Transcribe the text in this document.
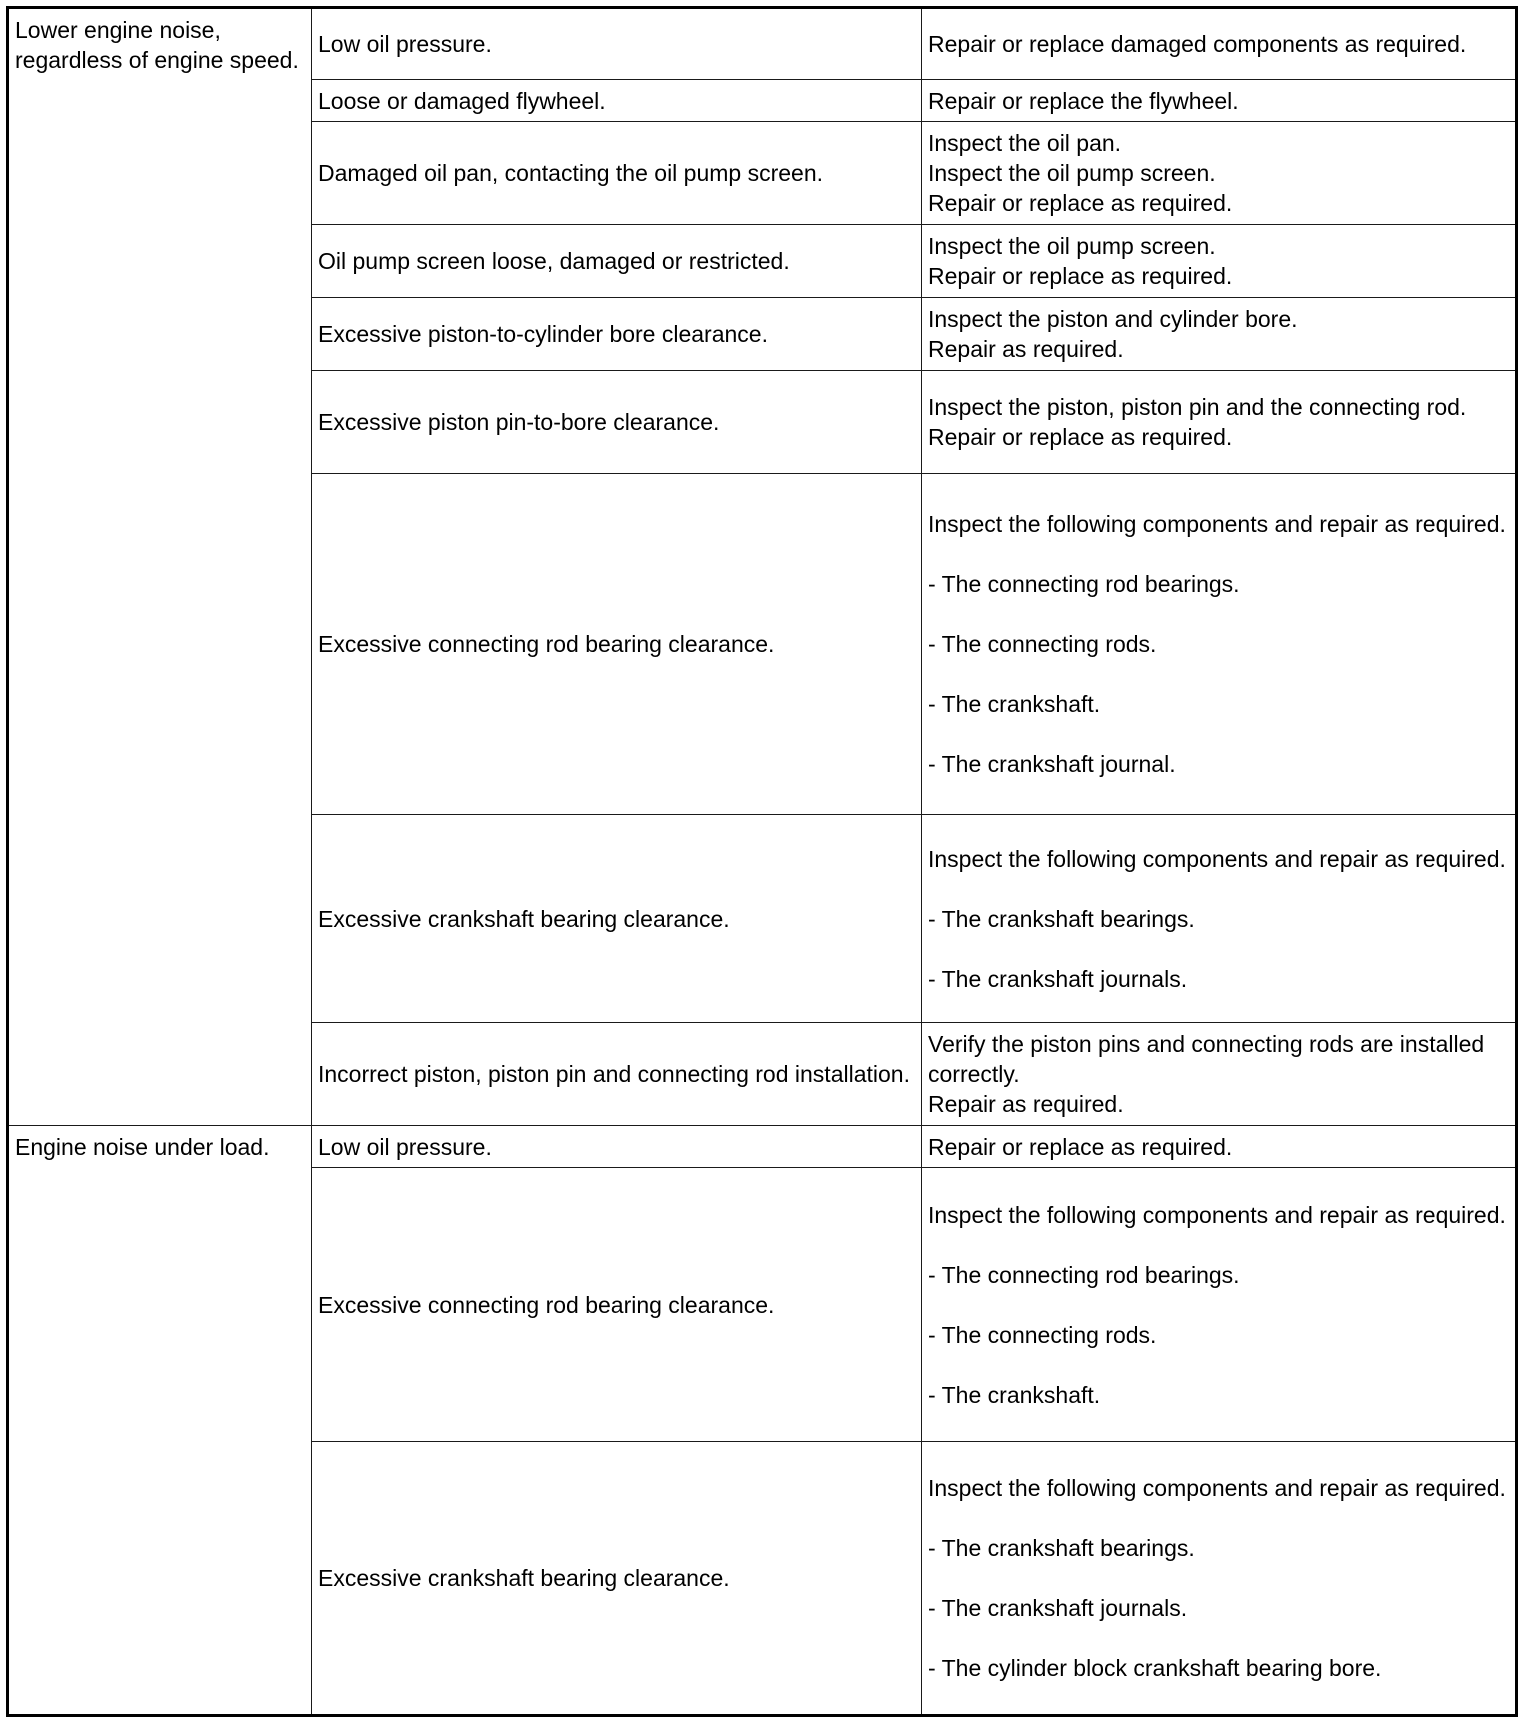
Lower engine noise, regardless of engine speed.	Low oil pressure.	Repair or replace damaged components as required.

	Loose or damaged flywheel.	Repair or replace the flywheel.

	Damaged oil pan, contacting the oil pump screen.	Inspect the oil pan.
Inspect the oil pump screen.
Repair or replace as required.

	Oil pump screen loose, damaged or restricted.	Inspect the oil pump screen.
Repair or replace as required.

	Excessive piston-to-cylinder bore clearance.	Inspect the piston and cylinder bore.
Repair as required.

	Excessive piston pin-to-bore clearance.	Inspect the piston, piston pin and the connecting rod.
Repair or replace as required.

	Excessive connecting rod bearing clearance.	Inspect the following components and repair as required.
- The connecting rod bearings.
- The connecting rods.
- The crankshaft.
- The crankshaft journal.

	Excessive crankshaft bearing clearance.	Inspect the following components and repair as required.
- The crankshaft bearings.
- The crankshaft journals.

	Incorrect piston, piston pin and connecting rod installation.	Verify the piston pins and connecting rods are installed correctly.
Repair as required.

Engine noise under load.	Low oil pressure.	Repair or replace as required.

	Excessive connecting rod bearing clearance.	Inspect the following components and repair as required.
- The connecting rod bearings.
- The connecting rods.
- The crankshaft.

	Excessive crankshaft bearing clearance.	Inspect the following components and repair as required.
- The crankshaft bearings.
- The crankshaft journals.
- The cylinder block crankshaft bearing bore.
